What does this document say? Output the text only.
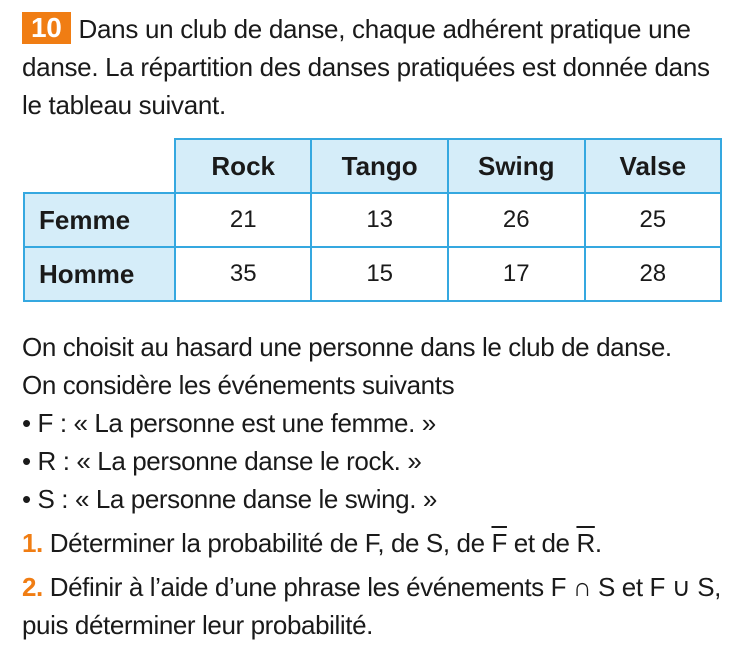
10 Dans un club de danse, chaque adhérent pratique une danse. La répartition des danses pratiquées est donnée dans le tableau suivant.

	Rock	Tango	Swing	Valse
Femme	21	13	26	25
Homme	35	15	17	28

On choisit au hasard une personne dans le club de danse.

On considère les événements suivants

• F : « La personne est une femme. »

• R : « La personne danse le rock. »

• S : « La personne danse le swing. »

1. Déterminer la probabilité de F, de S, de $\overline{F}$ et de $\overline{R}$.

2. Définir à l’aide d’une phrase les événements F ∩ S et F ∪ S, puis déterminer leur probabilité.
